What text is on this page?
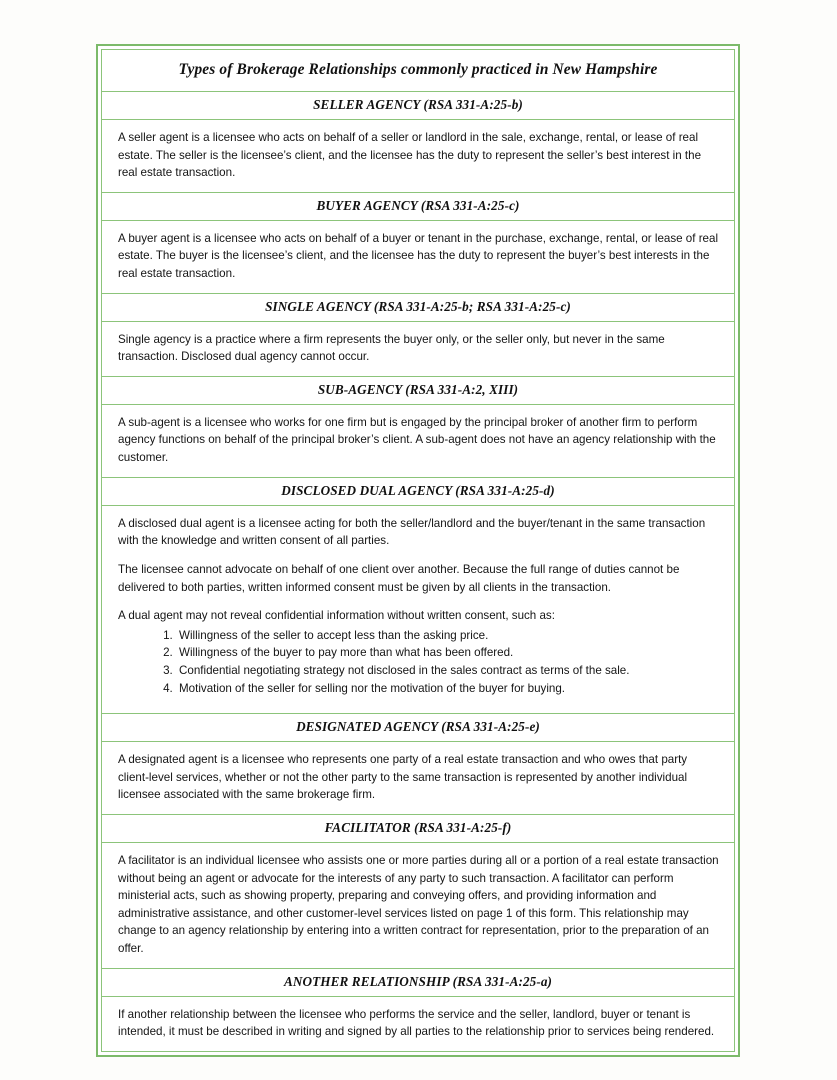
Types of Brokerage Relationships commonly practiced in New Hampshire
SELLER AGENCY (RSA 331-A:25-b)

A seller agent is a licensee who acts on behalf of a seller or landlord in the sale, exchange, rental, or lease of real estate. The seller is the licensee’s client, and the licensee has the duty to represent the seller’s best interest in the real estate transaction.

BUYER AGENCY (RSA 331-A:25-c)

A buyer agent is a licensee who acts on behalf of a buyer or tenant in the purchase, exchange, rental, or lease of real estate. The buyer is the licensee’s client, and the licensee has the duty to represent the buyer’s best interests in the real estate transaction.

SINGLE AGENCY (RSA 331-A:25-b; RSA 331-A:25-c)

Single agency is a practice where a firm represents the buyer only, or the seller only, but never in the same transaction. Disclosed dual agency cannot occur.

SUB-AGENCY (RSA 331-A:2, XIII)

A sub-agent is a licensee who works for one firm but is engaged by the principal broker of another firm to perform agency functions on behalf of the principal broker’s client. A sub-agent does not have an agency relationship with the customer.

DISCLOSED DUAL AGENCY (RSA 331-A:25-d)

A disclosed dual agent is a licensee acting for both the seller/landlord and the buyer/tenant in the same transaction with the knowledge and written consent of all parties.

The licensee cannot advocate on behalf of one client over another. Because the full range of duties cannot be delivered to both parties, written informed consent must be given by all clients in the transaction.

A dual agent may not reveal confidential information without written consent, such as:

1. Willingness of the seller to accept less than the asking price.
2. Willingness of the buyer to pay more than what has been offered.
3. Confidential negotiating strategy not disclosed in the sales contract as terms of the sale.
4. Motivation of the seller for selling nor the motivation of the buyer for buying.
DESIGNATED AGENCY (RSA 331-A:25-e)

A designated agent is a licensee who represents one party of a real estate transaction and who owes that party client-level services, whether or not the other party to the same transaction is represented by another individual licensee associated with the same brokerage firm.

FACILITATOR (RSA 331-A:25-f)

A facilitator is an individual licensee who assists one or more parties during all or a portion of a real estate transaction without being an agent or advocate for the interests of any party to such transaction. A facilitator can perform ministerial acts, such as showing property, preparing and conveying offers, and providing information and administrative assistance, and other customer-level services listed on page 1 of this form. This relationship may change to an agency relationship by entering into a written contract for representation, prior to the preparation of an offer.

ANOTHER RELATIONSHIP (RSA 331-A:25-a)

If another relationship between the licensee who performs the service and the seller, landlord, buyer or tenant is intended, it must be described in writing and signed by all parties to the relationship prior to services being rendered.
